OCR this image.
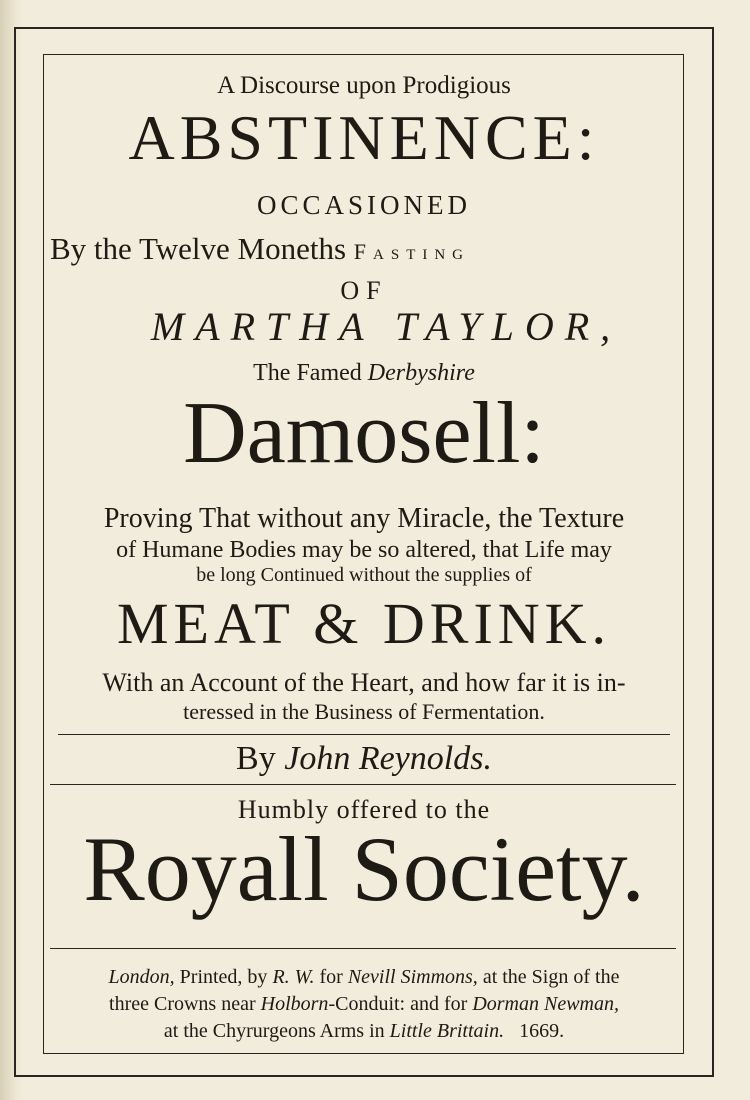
A Discourse upon Prodigious
ABSTINENCE:
OCCASIONED
By the Twelve Moneths Fasting
OF
MARTHA TAYLOR,
The Famed Derbyshire
Damosell:
Proving That without any Miracle, the Texture
of Humane Bodies may be so altered, that Life may
be long Continued without the supplies of
MEAT & DRINK.
With an Account of the Heart, and how far it is in-
teressed in the Business of Fermentation.
By John Reynolds.
Humbly offered to the
Royall Society.
London, Printed, by R. W. for Nevill Simmons, at the Sign of the
three Crowns near Holborn-Conduit: and for Dorman Newman,
at the Chyrurgeons Arms in Little Brittain. 1669.
